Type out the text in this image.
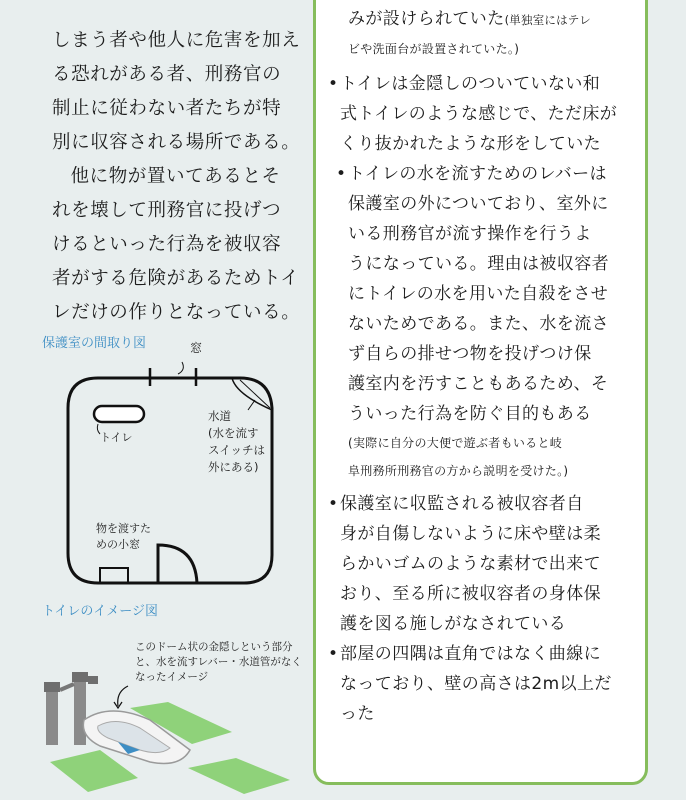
しまう者や他人に危害を加え

る恐れがある者、刑務官の

制止に従わない者たちが特

別に収容される場所である。

他に物が置いてあるとそ

れを壊して刑務官に投げつ

けるといった行為を被収容

者がする危険があるためトイ

レだけの作りとなっている。

保護室の間取り図	窓
トイレ
水道
(水を流す
スイッチは
外にある)
物を渡すた
めの小窓
トイレのイメージ図
このドーム状の金隠しという部分
と、水を流すレバー・水道管がなく
なったイメージ
みが設けられていた(単独室にはテレ
ビや洗面台が設置されていた。)
• トイレは金隠しのついていない和
式トイレのような感じで、ただ床が
くり抜かれたような形をしていた
• トイレの水を流すためのレバーは
保護室の外についており、室外に
いる刑務官が流す操作を行うよ
うになっている。理由は被収容者
にトイレの水を用いた自殺をさせ
ないためである。また、水を流さ
ず自らの排せつ物を投げつけ保
護室内を汚すこともあるため、そ
ういった行為を防ぐ目的もある
(実際に自分の大便で遊ぶ者もいると岐
阜刑務所刑務官の方から説明を受けた。)
• 保護室に収監される被収容者自
身が自傷しないように床や壁は柔
らかいゴムのような素材で出来て
おり、至る所に被収容者の身体保
護を図る施しがなされている
• 部屋の四隅は直角ではなく曲線に
なっており、壁の高さは2m以上だ
った
